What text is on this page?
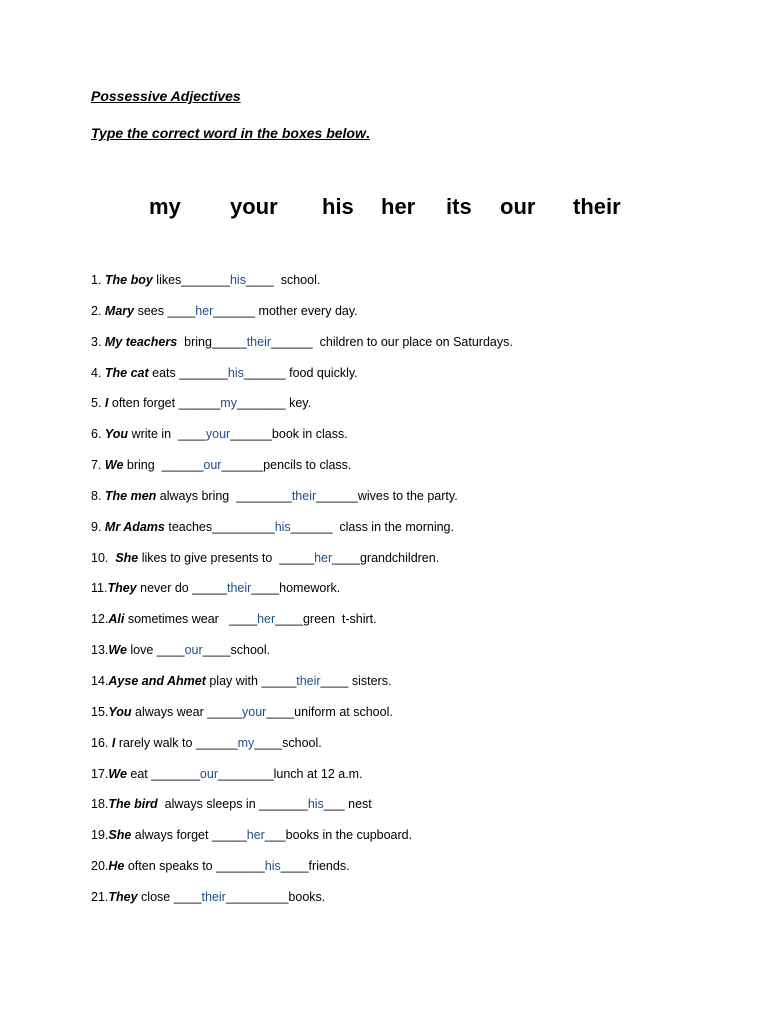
Possessive Adjectives
Type the correct word in the boxes below.
my your his her its our their
1. The boy likes_______his____  school.
2. Mary sees ____her______ mother every day.
3. My teachers  bring_____their______  children to our place on Saturdays.
4. The cat eats _______his______ food quickly.
5. I often forget ______my_______ key.
6. You write in  ____your______book in class.
7. We bring  ______our______pencils to class.
8. The men always bring  ________their______wives to the party.
9. Mr Adams teaches_________his______  class in the morning.
10.  She likes to give presents to  _____her____grandchildren.
11.They never do _____their____homework.
12.Ali sometimes wear   ____her____green  t-shirt.
13.We love ____our____school.
14.Ayse and Ahmet play with _____their____ sisters.
15.You always wear _____your____uniform at school.
16. I rarely walk to ______my____school.
17.We eat _______our________lunch at 12 a.m.
18.The bird  always sleeps in _______his___ nest
19.She always forget _____her___books in the cupboard.
20.He often speaks to _______his____friends.
21.They close ____their_________books.
